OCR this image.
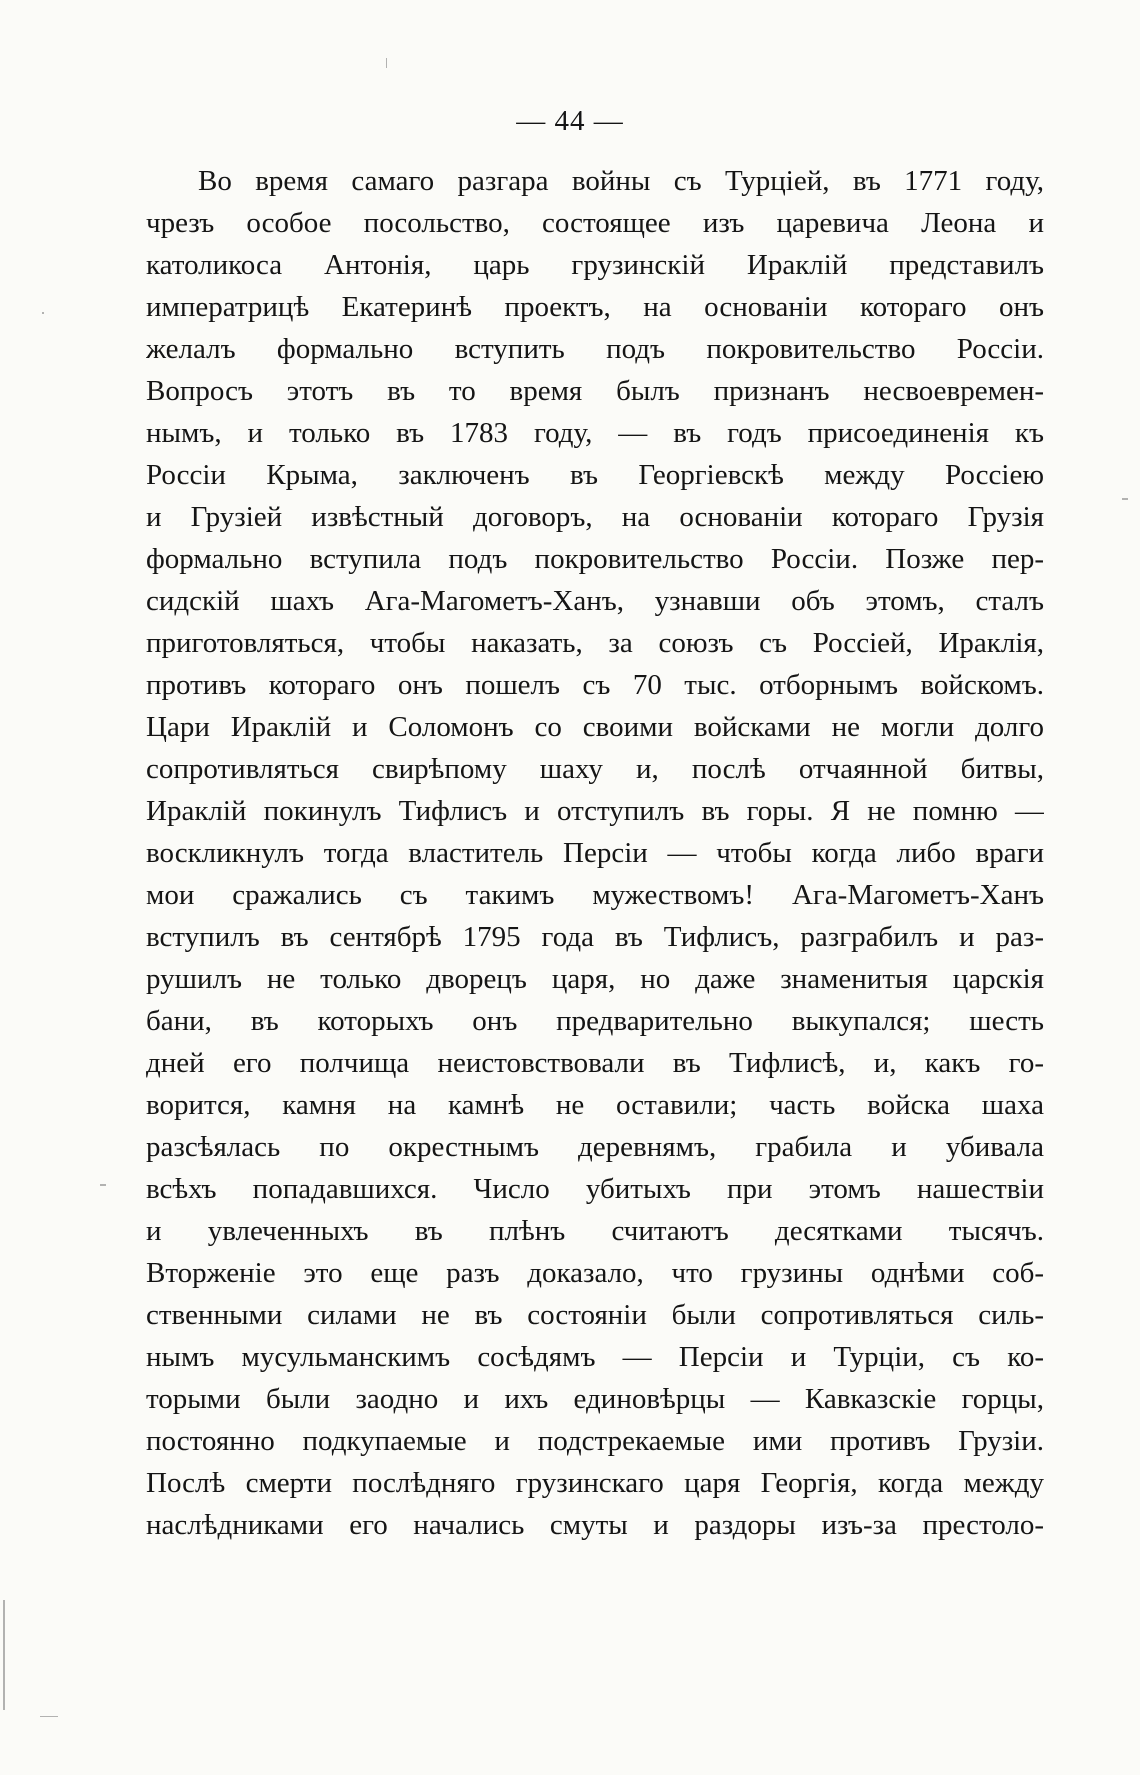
— 44 —
Во время самаго разгара войны съ Турціей, въ 1771 году,
чрезъ особое посольство, состоящее изъ царевича Леона и
католикоса Антонія, царь грузинскій Ираклій представилъ
императрицѣ Екатеринѣ проектъ, на основаніи котораго онъ
желалъ формально вступить подъ покровительство Россіи.
Вопросъ этотъ въ то время былъ признанъ несвоевремен-
нымъ, и только въ 1783 году, — въ годъ присоединенія къ
Россіи Крыма, заключенъ въ Георгіевскѣ между Россіею
и Грузіей извѣстный договоръ, на основаніи котораго Грузія
формально вступила подъ покровительство Россіи. Позже пер-
сидскій шахъ Ага-Магометъ-Ханъ, узнавши объ этомъ, сталъ
приготовляться, чтобы наказать, за союзъ съ Россіей, Ираклія,
противъ котораго онъ пошелъ съ 70 тыс. отборнымъ войскомъ.
Цари Ираклій и Соломонъ со своими войсками не могли долго
сопротивляться свирѣпому шаху и, послѣ отчаянной битвы,
Ираклій покинулъ Тифлисъ и отступилъ въ горы. Я не помню —
воскликнулъ тогда властитель Персіи — чтобы когда либо враги
мои сражались съ такимъ мужествомъ! Ага-Магометъ-Ханъ
вступилъ въ сентябрѣ 1795 года въ Тифлисъ, разграбилъ и раз-
рушилъ не только дворецъ царя, но даже знаменитыя царскія
бани, въ которыхъ онъ предварительно выкупался; шесть
дней его полчища неистовствовали въ Тифлисѣ, и, какъ го-
ворится, камня на камнѣ не оставили; часть войска шаха
разсѣялась по окрестнымъ деревнямъ, грабила и убивала
всѣхъ попадавшихся. Число убитыхъ при этомъ нашествіи
и увлеченныхъ въ плѣнъ считаютъ десятками тысячъ.
Вторженіе это еще разъ доказало, что грузины однѣми соб-
ственными силами не въ состояніи были сопротивляться силь-
нымъ мусульманскимъ сосѣдямъ — Персіи и Турціи, съ ко-
торыми были заодно и ихъ единовѣрцы — Кавказскіе горцы,
постоянно подкупаемые и подстрекаемые ими противъ Грузіи.
Послѣ смерти послѣдняго грузинскаго царя Георгія, когда между
наслѣдниками его начались смуты и раздоры изъ-за престоло-
